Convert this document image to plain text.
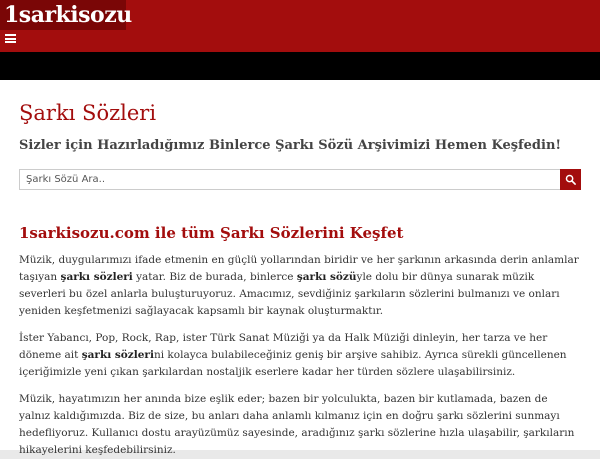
1sarkisozu
Şarkı Sözleri

Sizler için Hazırladığımız Binlerce Şarkı Sözü Arşivimizi Hemen Keşfedin!

Şarkı Sözü Ara..
1sarkisozu.com ile tüm Şarkı Sözlerini Keşfet

Müzik, duygularımızı ifade etmenin en güçlü yollarından biridir ve her şarkının arkasında derin anlamlar taşıyan şarkı sözleri yatar. Biz de burada, binlerce şarkı sözüyle dolu bir dünya sunarak müzik severleri bu özel anlarla buluşturuyoruz. Amacımız, sevdiğiniz şarkıların sözlerini bulmanızı ve onları yeniden keşfetmenizi sağlayacak kapsamlı bir kaynak oluşturmaktır.

İster Yabancı, Pop, Rock, Rap, ister Türk Sanat Müziği ya da Halk Müziği dinleyin, her tarza ve her döneme ait şarkı sözlerini kolayca bulabileceğiniz geniş bir arşive sahibiz. Ayrıca sürekli güncellenen içeriğimizle yeni çıkan şarkılardan nostaljik eserlere kadar her türden sözlere ulaşabilirsiniz.

Müzik, hayatımızın her anında bize eşlik eder; bazen bir yolculukta, bazen bir kutlamada, bazen de yalnız kaldığımızda. Biz de size, bu anları daha anlamlı kılmanız için en doğru şarkı sözlerini sunmayı hedefliyoruz. Kullanıcı dostu arayüzümüz sayesinde, aradığınız şarkı sözlerine hızla ulaşabilir, şarkıların hikayelerini keşfedebilirsiniz.
